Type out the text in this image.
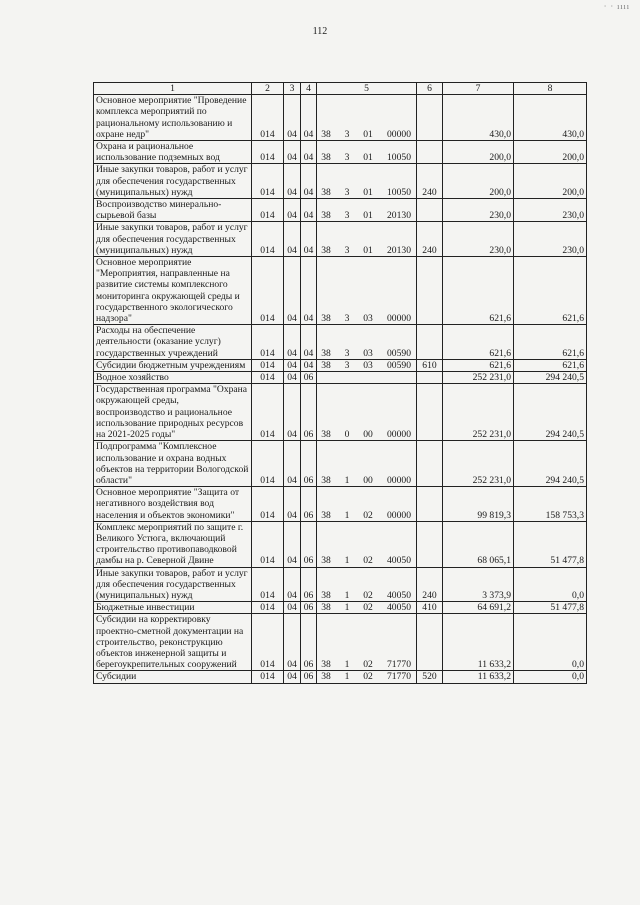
· · ıııı
112
1	2	3	4	5	6	7	8
Основное мероприятие "Проведение комплекса мероприятий по рациональному использованию и охране недр"	014	04	04	38 3 01 00000		430,0	430,0
Охрана и рациональное использование подземных вод	014	04	04	38 3 01 10050		200,0	200,0
Иные закупки товаров, работ и услуг для обеспечения государственных (муниципальных) нужд	014	04	04	38 3 01 10050	240	200,0	200,0
Воспроизводство минерально-сырьевой базы	014	04	04	38 3 01 20130		230,0	230,0
Иные закупки товаров, работ и услуг для обеспечения государственных (муниципальных) нужд	014	04	04	38 3 01 20130	240	230,0	230,0
Основное мероприятие "Мероприятия, направленные на развитие системы комплексного мониторинга окружающей среды и государственного экологического надзора"	014	04	04	38 3 03 00000		621,6	621,6
Расходы на обеспечение деятельности (оказание услуг) государственных учреждений	014	04	04	38 3 03 00590		621,6	621,6
Субсидии бюджетным учреждениям	014	04	04	38 3 03 00590	610	621,6	621,6
Водное хозяйство	014	04	06			252 231,0	294 240,5
Государственная программа "Охрана окружающей среды, воспроизводство и рациональное использование природных ресурсов на 2021-2025 годы"	014	04	06	38 0 00 00000		252 231,0	294 240,5
Подпрограмма "Комплексное использование и охрана водных объектов на территории Вологодской области"	014	04	06	38 1 00 00000		252 231,0	294 240,5
Основное мероприятие "Защита от негативного воздействия вод населения и объектов экономики"	014	04	06	38 1 02 00000		99 819,3	158 753,3
Комплекс мероприятий по защите г. Великого Устюга, включающий строительство противопаводковой дамбы на р. Северной Двине	014	04	06	38 1 02 40050		68 065,1	51 477,8
Иные закупки товаров, работ и услуг для обеспечения государственных (муниципальных) нужд	014	04	06	38 1 02 40050	240	3 373,9	0,0
Бюджетные инвестиции	014	04	06	38 1 02 40050	410	64 691,2	51 477,8
Субсидии на корректировку проектно-сметной документации на строительство, реконструкцию объектов инженерной защиты и берегоукрепительных сооружений	014	04	06	38 1 02 71770		11 633,2	0,0
Субсидии	014	04	06	38 1 02 71770	520	11 633,2	0,0
